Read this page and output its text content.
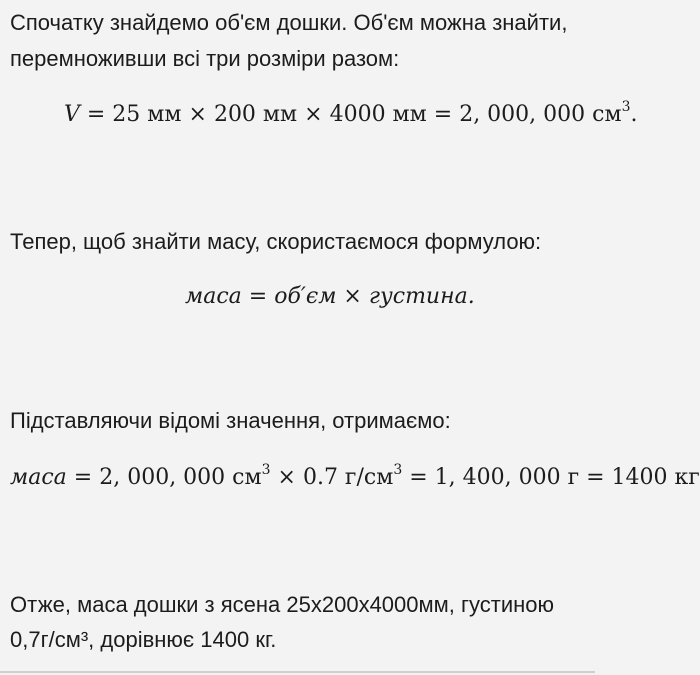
Спочатку знайдемо об'єм дошки. Об'єм можна знайти,
перемноживши всі три розміри разом:
V = 25 мм × 200 мм × 4000 мм = 2, 000, 000 $см^3$.
Тепер, щоб знайти масу, скористаємося формулою:
маса = об′єм × густина.
Підставляючи відомі значення, отримаємо:
маса = 2, 000, 000 $см^3 \times 0.7$ $г/см^3 = 1$, 400, 000 г = 1400 кг
Отже, маса дошки з ясена 25х200х4000мм, густиною
0,7г/см³, дорівнює 1400 кг.
